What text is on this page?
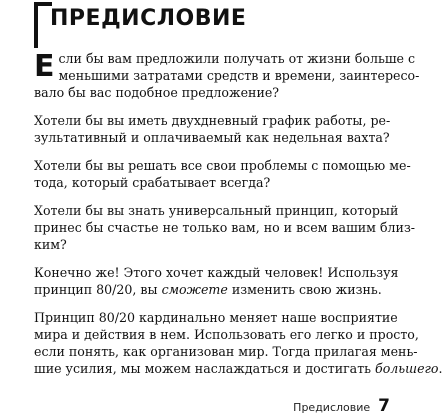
ПРЕДИСЛОВИЕ

Е сли бы вам предложили получать от жизни больше с
меньшими затратами средств и времени, заинтересо-
вало бы вас подобное предложение?

Хотели бы вы иметь двухдневный график работы, ре-
зультативный и оплачиваемый как недельная вахта?

Хотели бы вы решать все свои проблемы с помощью ме-
тода, который срабатывает всегда?

Хотели бы вы знать универсальный принцип, который
принес бы счастье не только вам, но и всем вашим близ-
ким?

Конечно же! Этого хочет каждый человек! Используя
принцип 80/20, вы сможете изменить свою жизнь.

Принцип 80/20 кардинально меняет наше восприятие
мира и действия в нем. Использовать его легко и просто,
если понять, как организован мир. Тогда прилагая мень-
шие усилия, мы можем наслаждаться и достигать большего.

Предисловие 7
